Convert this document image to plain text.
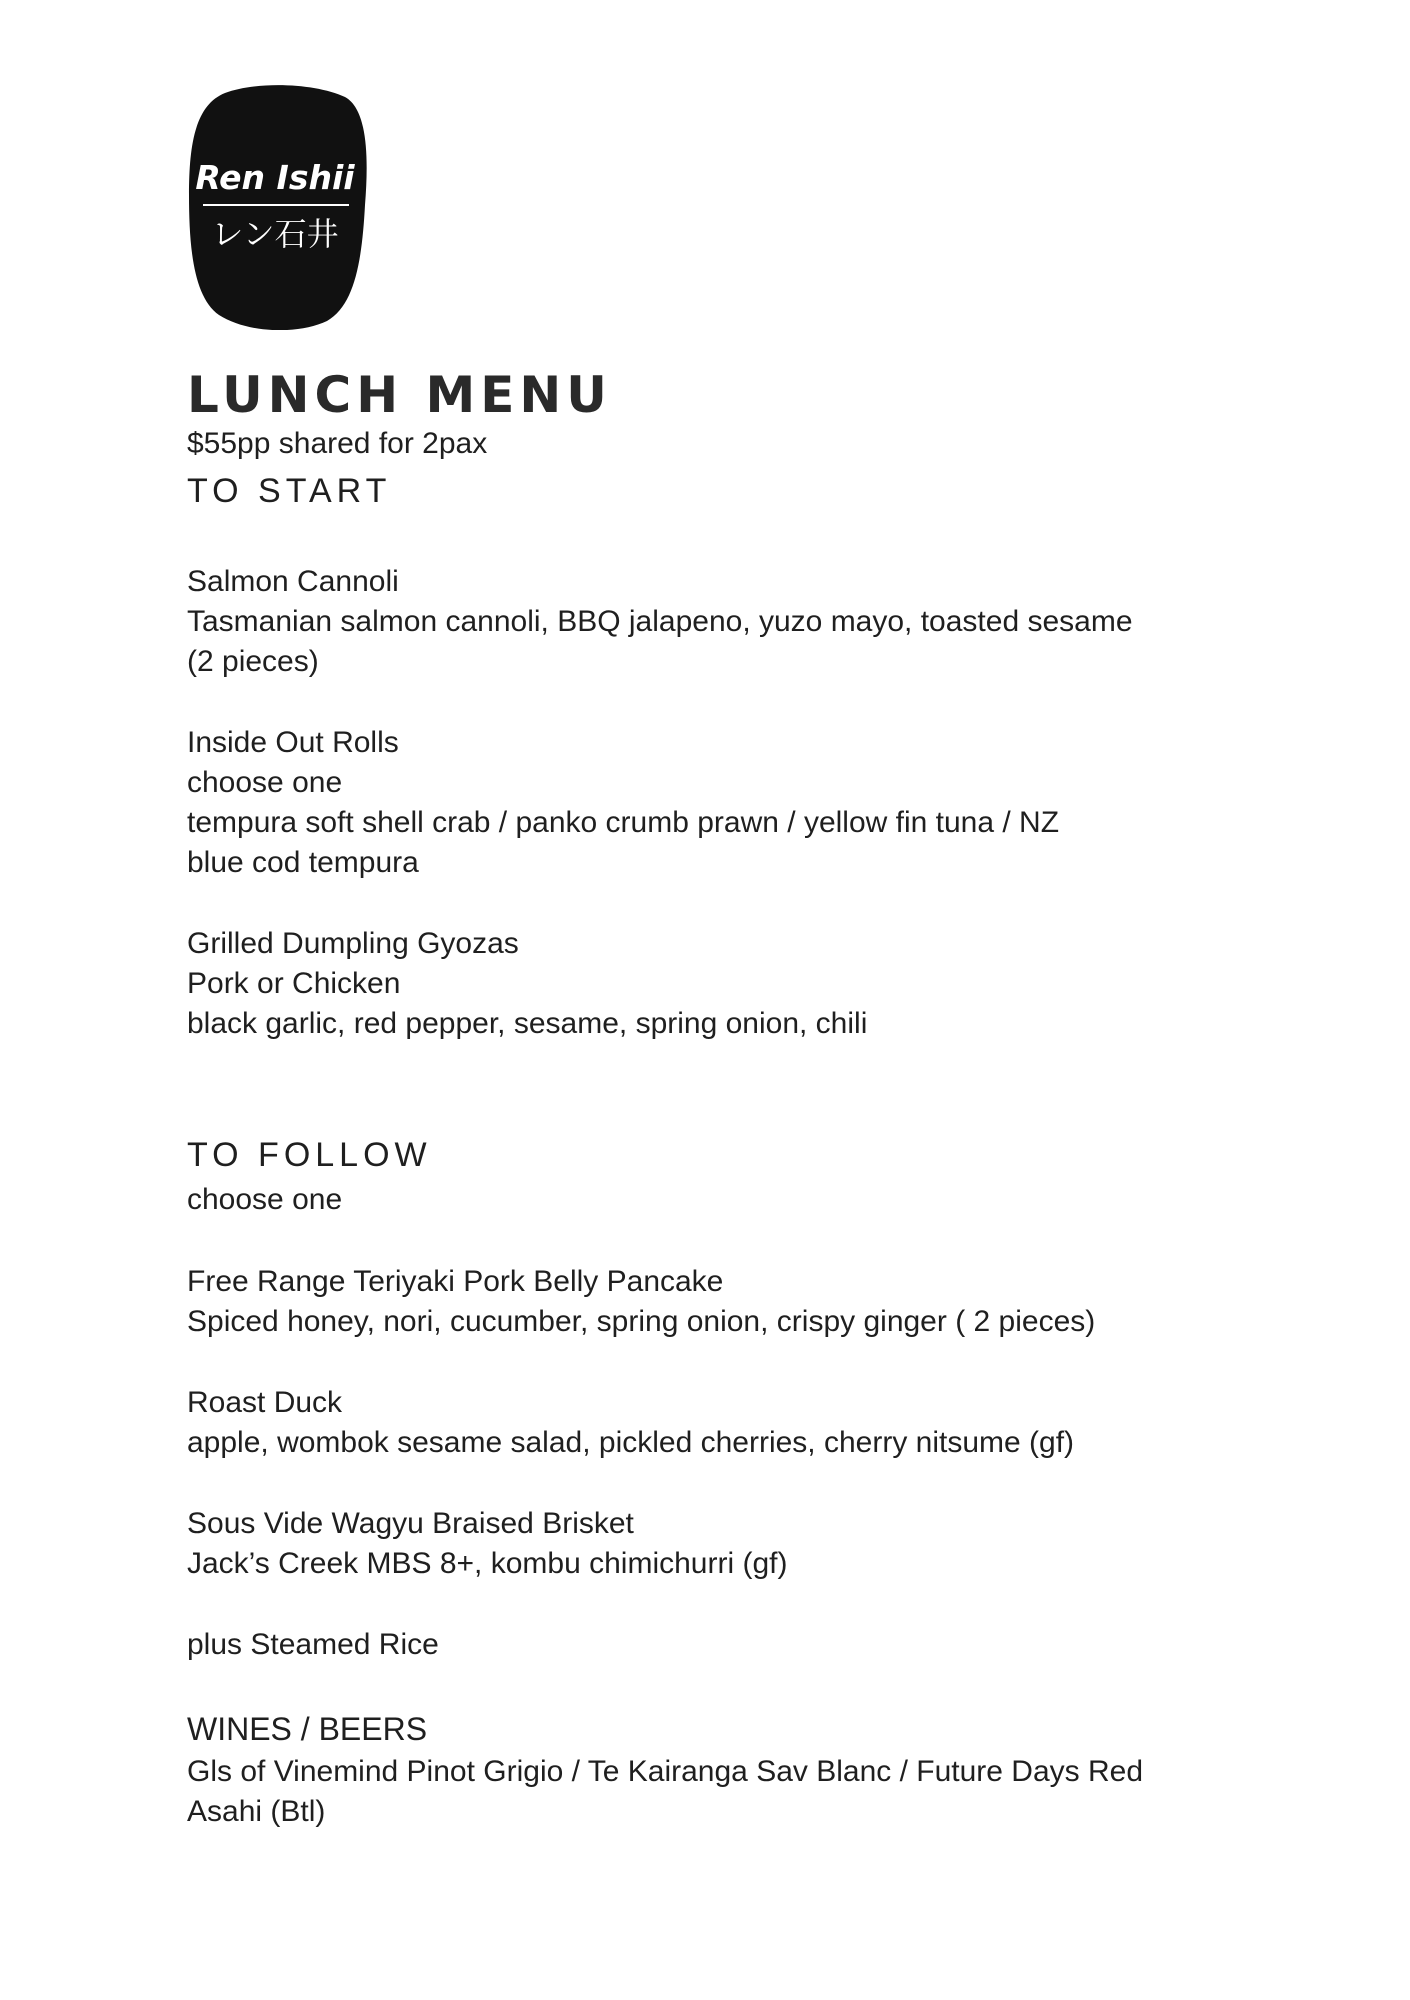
Ren Ishii
レン石井
LUNCH MENU
$55pp shared for 2pax
TO START
Salmon Cannoli
Tasmanian salmon cannoli, BBQ jalapeno, yuzo mayo, toasted sesame
(2 pieces)
Inside Out Rolls
choose one
tempura soft shell crab / panko crumb prawn / yellow fin tuna / NZ
blue cod tempura
Grilled Dumpling Gyozas
Pork or Chicken
black garlic, red pepper, sesame, spring onion, chili
TO FOLLOW
choose one
Free Range Teriyaki Pork Belly Pancake
Spiced honey, nori, cucumber, spring onion, crispy ginger ( 2 pieces)
Roast Duck
apple, wombok sesame salad, pickled cherries, cherry nitsume (gf)
Sous Vide Wagyu Braised Brisket
Jack’s Creek MBS 8+, kombu chimichurri (gf)
plus Steamed Rice
WINES / BEERS
Gls of Vinemind Pinot Grigio / Te Kairanga Sav Blanc / Future Days Red
Asahi (Btl)
